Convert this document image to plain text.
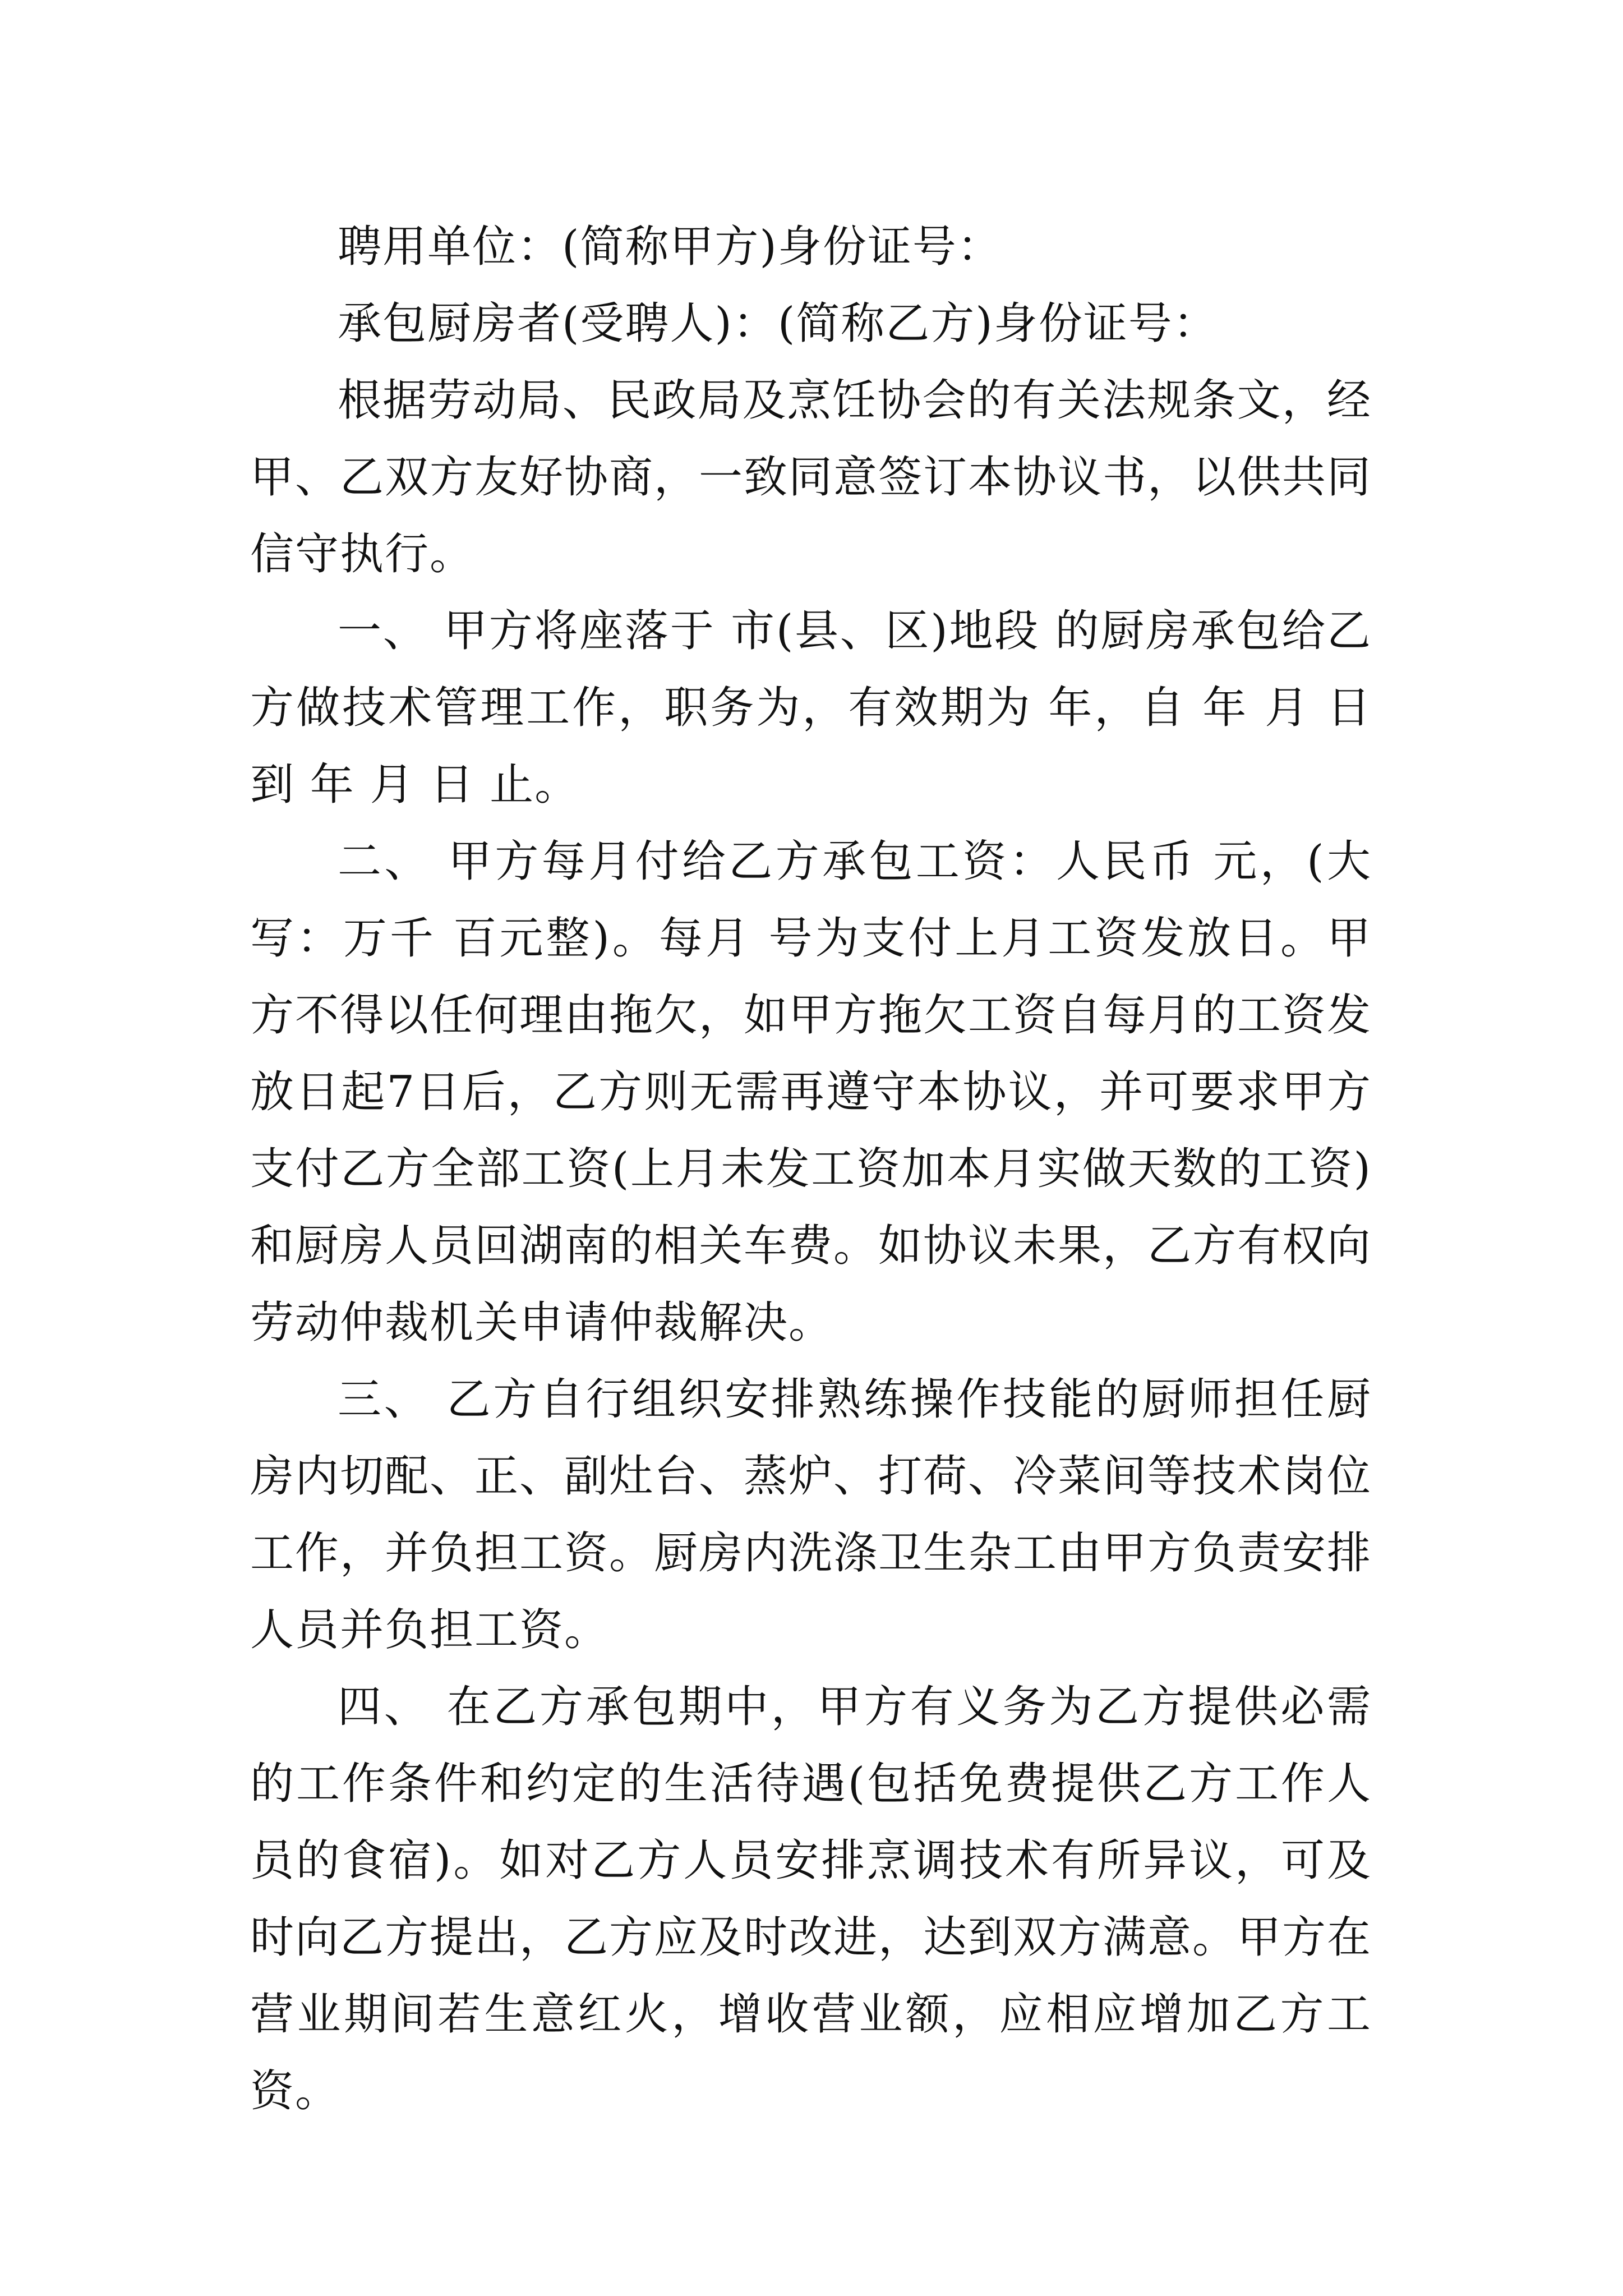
聘用单位：(简称甲方)身份证号：

承包厨房者(受聘人)：(简称乙方)身份证号：

根据劳动局、民政局及烹饪协会的有关法规条文，经甲、乙双方友好协商，一致同意签订本协议书，以供共同信守执行。

一、 甲方将座落于 市(县、区)地段 的厨房承包给乙方做技术管理工作，职务为，有效期为 年，自 年 月 日到 年 月 日 止。

二、 甲方每月付给乙方承包工资：人民币 元，(大写：万千 百元整)。每月 号为支付上月工资发放日。甲方不得以任何理由拖欠，如甲方拖欠工资自每月的工资发放日起7日后，乙方则无需再遵守本协议，并可要求甲方支付乙方全部工资(上月未发工资加本月实做天数的工资)和厨房人员回湖南的相关车费。如协议未果，乙方有权向劳动仲裁机关申请仲裁解决。

三、 乙方自行组织安排熟练操作技能的厨师担任厨房内切配、正、副灶台、蒸炉、打荷、冷菜间等技术岗位工作，并负担工资。厨房内洗涤卫生杂工由甲方负责安排人员并负担工资。

四、 在乙方承包期中，甲方有义务为乙方提供必需的工作条件和约定的生活待遇(包括免费提供乙方工作人员的食宿)。如对乙方人员安排烹调技术有所异议，可及时向乙方提出，乙方应及时改进，达到双方满意。甲方在营业期间若生意红火，增收营业额，应相应增加乙方工资。
